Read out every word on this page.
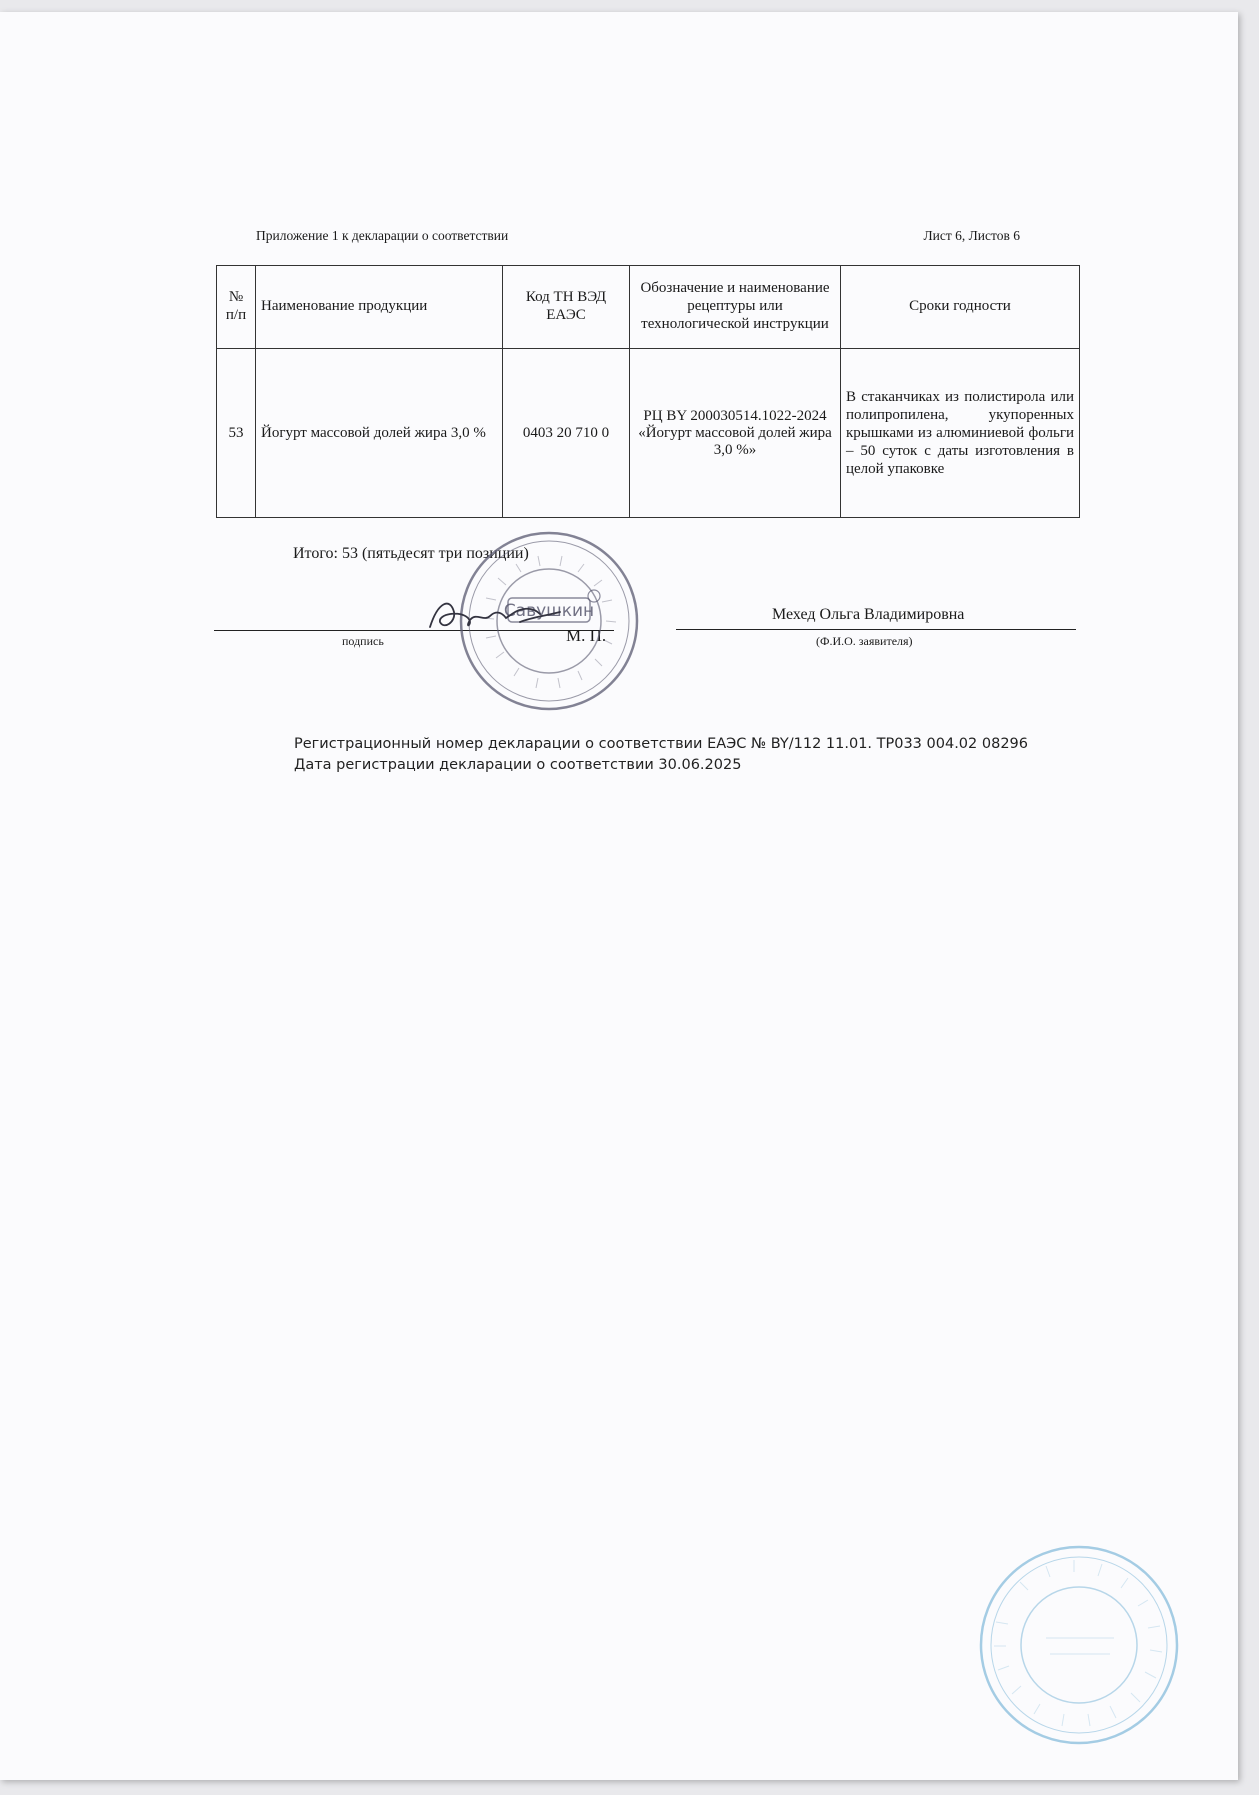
Приложение 1 к декларации о соответствии	Лист 6, Листов 6
№ п/п	Наименование продукции	Код ТН ВЭД ЕАЭС	Обозначение и наименование рецептуры или технологической инструкции	Сроки годности
53	Йогурт массовой долей жира 3,0 %	0403 20 710 0	РЦ BY 200030514.1022-2024 «Йогурт массовой долей жира 3,0 %»	В стаканчиках из полистирола или полипропилена, укупоренных крышками из алюминиевой фольги – 50 суток с даты изготовления в целой упаковке
Итого: 53 (пятьдесят три позиции)
подпись	М. П.
Мехед Ольга Владимировна
(Ф.И.О. заявителя)
Савушкин
Регистрационный номер декларации о соответствии ЕАЭС № BY/112 11.01. ТР033 004.02 08296
Дата регистрации декларации о соответствии 30.06.2025
